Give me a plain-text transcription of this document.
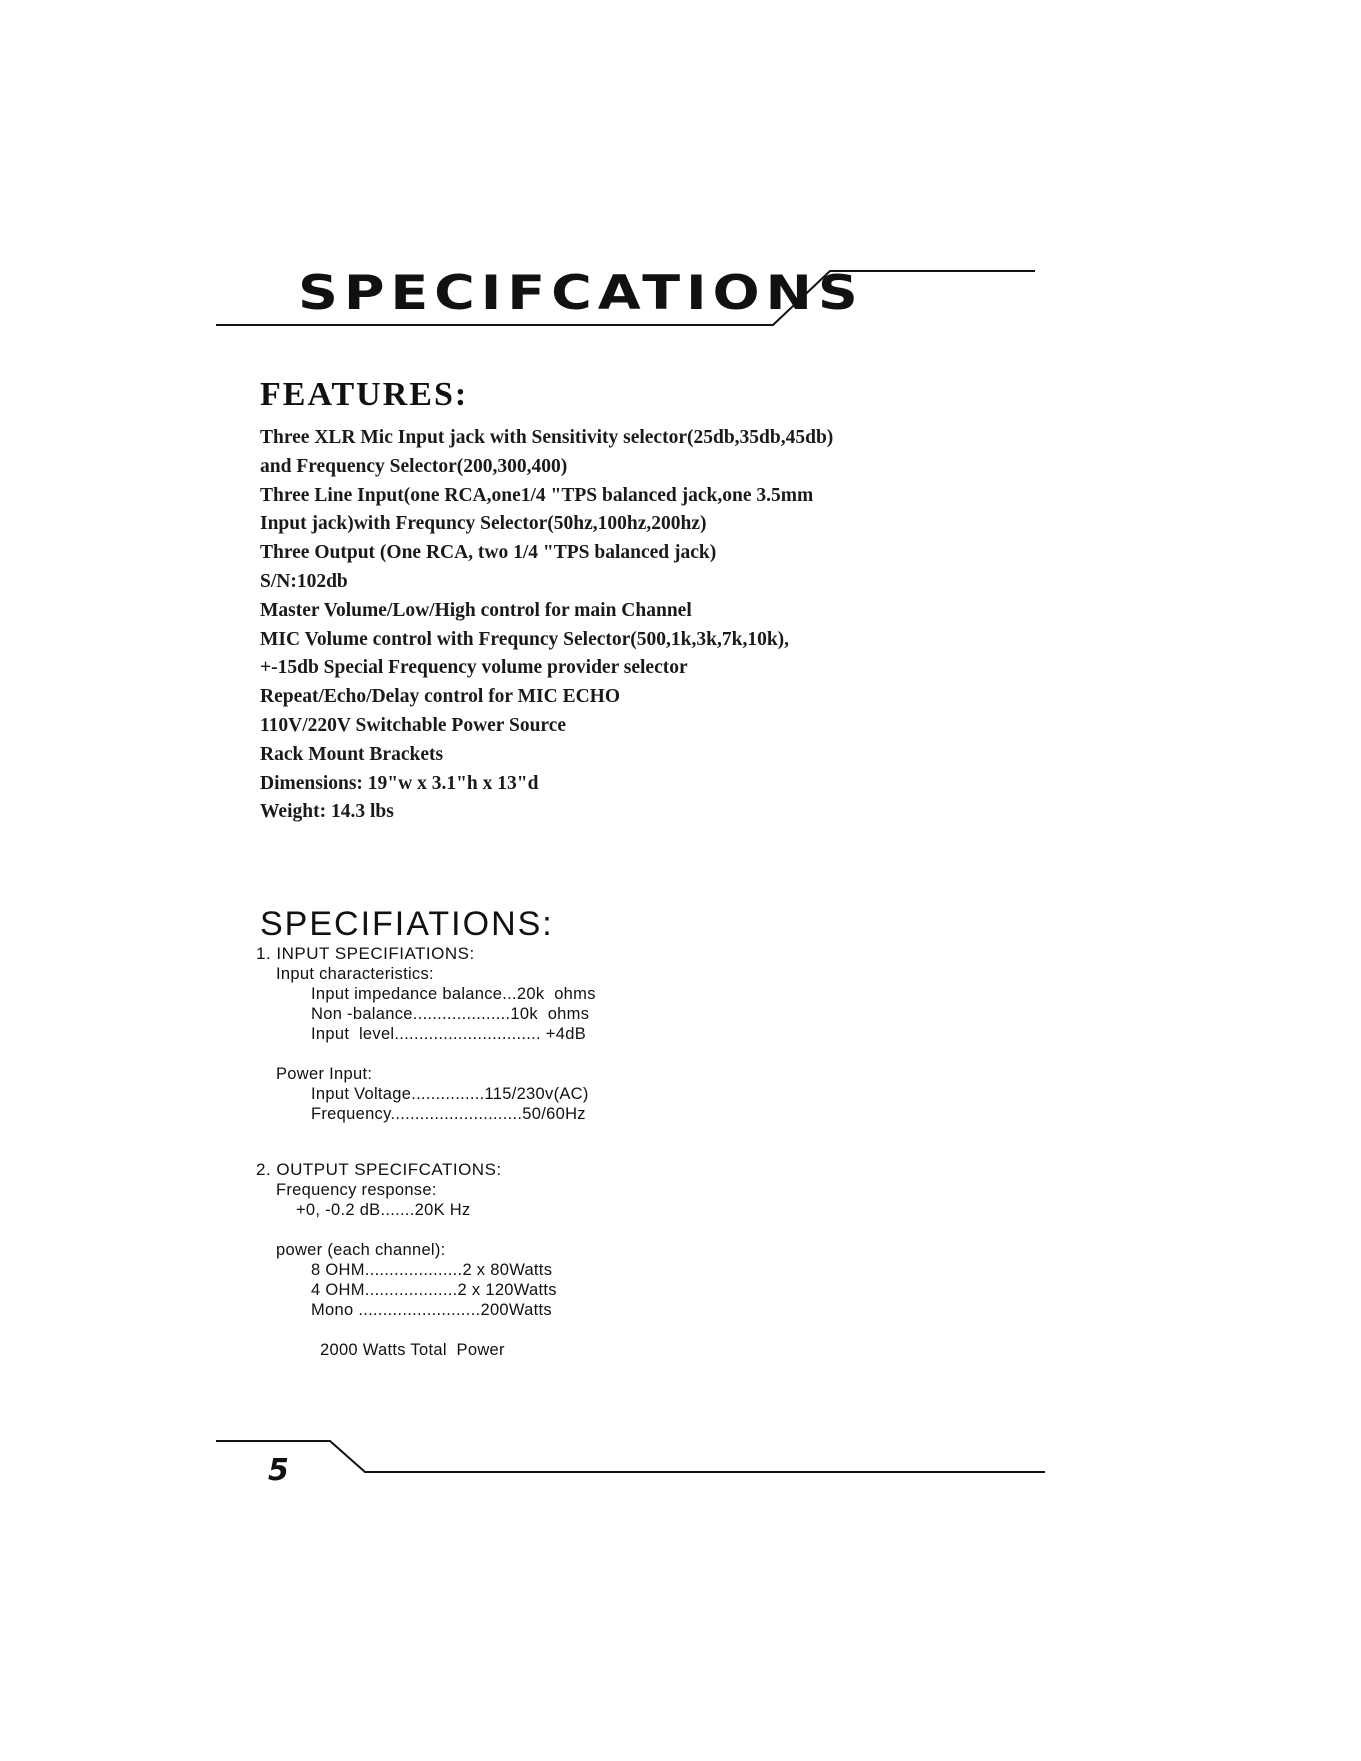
SPECIFCATIONS
FEATURES:
Three XLR Mic Input jack with Sensitivity selector(25db,35db,45db)
and Frequency Selector(200,300,400)
Three Line Input(one RCA,one1/4 "TPS balanced jack,one 3.5mm
Input jack)with Frequncy Selector(50hz,100hz,200hz)
Three Output (One RCA, two 1/4 "TPS balanced jack)
S/N:102db
Master Volume/Low/High control for main Channel
MIC Volume control with Frequncy Selector(500,1k,3k,7k,10k),
+-15db Special Frequency volume provider selector
Repeat/Echo/Delay control for MIC ECHO
110V/220V Switchable Power Source
Rack Mount Brackets
Dimensions: 19"w x 3.1"h x 13"d
Weight: 14.3 lbs
SPECIFIATIONS:
1. INPUT SPECIFIATIONS:
Input characteristics:
Input impedance balance...20k  ohms
Non -balance....................10k  ohms
Input  level.............................. +4dB
Power Input:
Input Voltage...............115/230v(AC)
Frequency...........................50/60Hz
2. OUTPUT SPECIFCATIONS:
Frequency response:
+0, -0.2 dB.......20K Hz
power (each channel):
8 OHM....................2 x 80Watts
4 OHM...................2 x 120Watts
Mono .........................200Watts
2000 Watts Total  Power
5
